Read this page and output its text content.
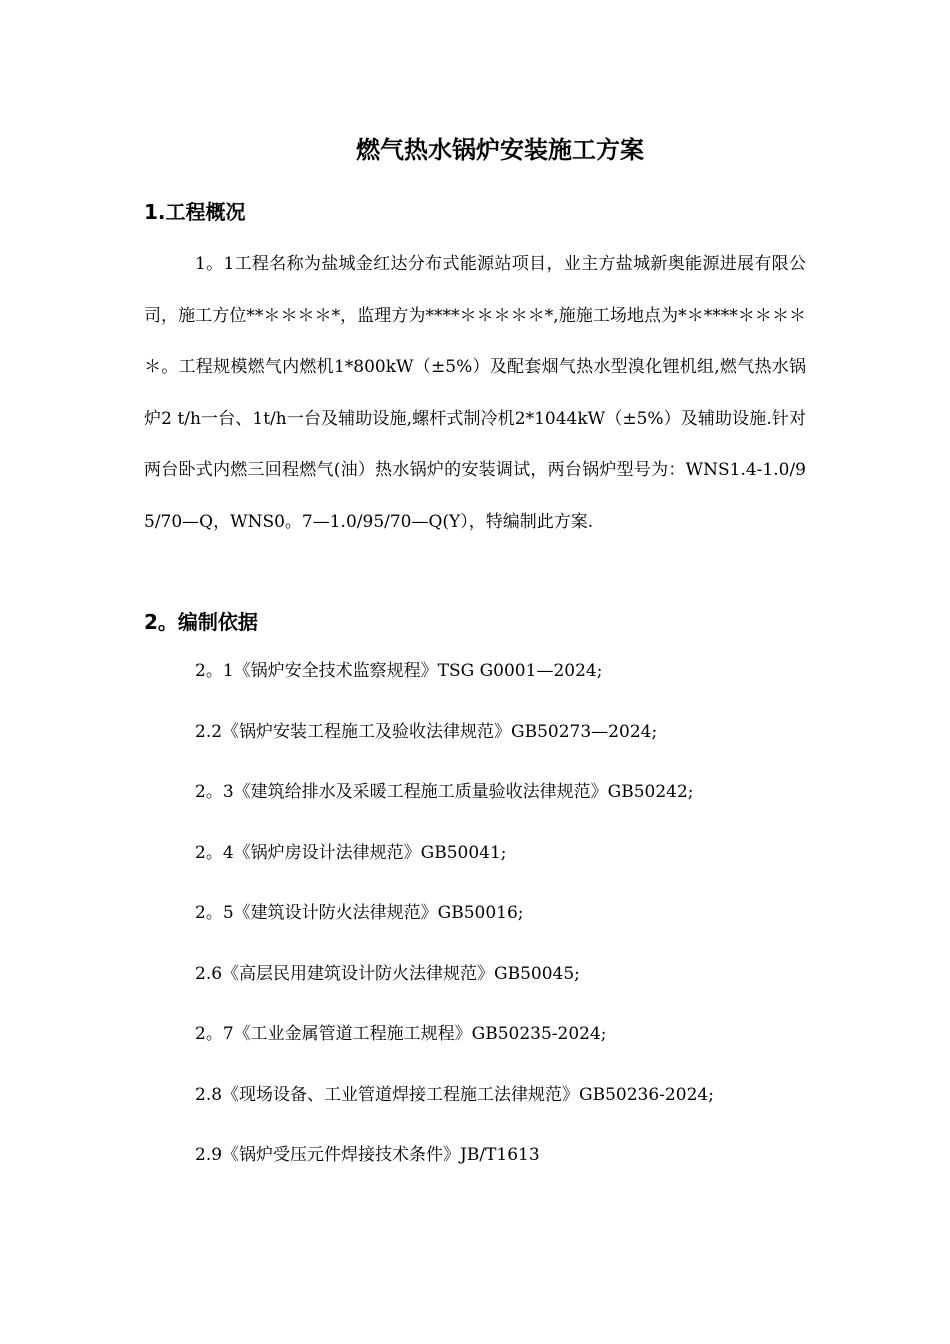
燃气热水锅炉安装施工方案
1.工程概况

1。1工程名称为盐城金红达分布式能源站项目，业主方盐城新奥能源进展有限公司，施工方位**＊＊＊＊*，监理方为****＊＊＊＊＊*,施施工场地点为*＊****＊＊＊＊＊。工程规模燃气内燃机1*800kW（±5%）及配套烟气热水型溴化锂机组,燃气热水锅炉2 t/h一台、1t/h一台及辅助设施,螺杆式制冷机2*1044kW（±5%）及辅助设施.针对两台卧式内燃三回程燃气(油）热水锅炉的安装调试，两台锅炉型号为：WNS1.4-1.0/95/70—Q，WNS0。7—1.0/95/70—Q(Y），特编制此方案.

2。编制依据
2。1《锅炉安全技术监察规程》TSG G0001—2024;
2.2《锅炉安装工程施工及验收法律规范》GB50273—2024;
2。3《建筑给排水及采暖工程施工质量验收法律规范》GB50242;
2。4《锅炉房设计法律规范》GB50041;
2。5《建筑设计防火法律规范》GB50016;
2.6《高层民用建筑设计防火法律规范》GB50045;
2。7《工业金属管道工程施工规程》GB50235-2024;
2.8《现场设备、工业管道焊接工程施工法律规范》GB50236-2024;
2.9《锅炉受压元件焊接技术条件》JB/T1613
